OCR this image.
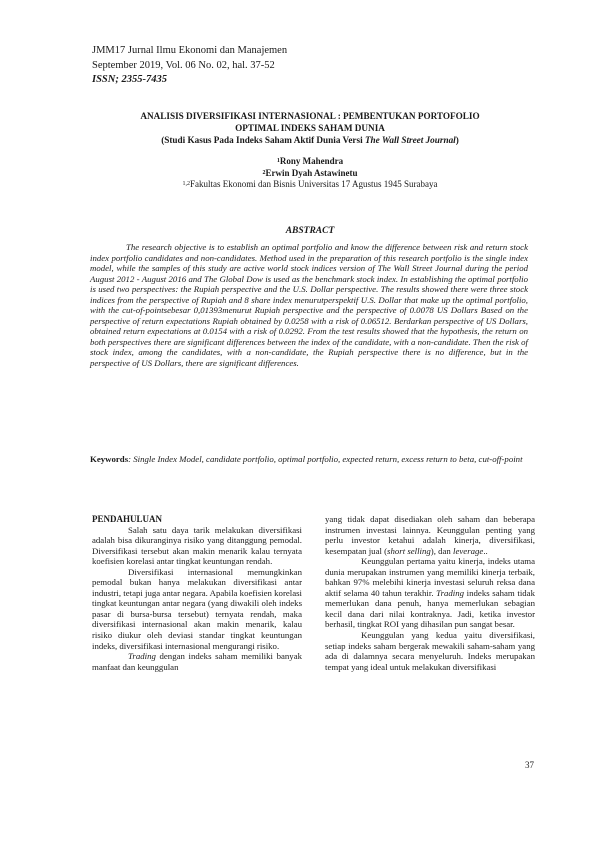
JMM17 Jurnal Ilmu Ekonomi dan Manajemen
September 2019, Vol. 06 No. 02, hal. 37-52
ISSN; 2355-7435

ANALISIS DIVERSIFIKASI INTERNASIONAL : PEMBENTUKAN PORTOFOLIO

OPTIMAL INDEKS SAHAM DUNIA

(Studi Kasus Pada Indeks Saham Aktif Dunia Versi The Wall Street Journal)

$^1$Rony Mahendra
$^2$Erwin Dyah Astawinetu
$^{1,2}$Fakultas Ekonomi dan Bisnis Universitas 17 Agustus 1945 Surabaya
ABSTRACT

The research objective is to establish an optimal portfolio and know the difference between risk and return stock index portfolio candidates and non-candidates. Method used in the preparation of this research portfolio is the single index model, while the samples of this study are active world stock indices version of The Wall Street Journal during the period August 2012 - August 2016 and The Global Dow is used as the benchmark stock index. In establishing the optimal portfolio is used two perspectives: the Rupiah perspective and the U.S. Dollar perspective. The results showed there were three stock indices from the perspective of Rupiah and 8 share index menurutperspektif U.S. Dollar that make up the optimal portfolio, with the cut-of-pointsebesar 0,01393menurut Rupiah perspective and the perspective of 0.0078 US Dollars Based on the perspective of return expectations Rupiah obtained by 0.0258 with a risk of 0.06512. Berdarkan perspective of US Dollars, obtained return expectations at 0.0154 with a risk of 0.0292. From the test results showed that the hypothesis, the return on both perspectives there are significant differences between the index of the candidate, with a non-candidate. Then the risk of stock index, among the candidates, with a non-candidate, the Rupiah perspective there is no difference, but in the perspective of US Dollars, there are significant differences.

Keywords: Single Index Model, candidate portfolio, optimal portfolio, expected return, excess return to beta, cut-off-point

PENDAHULUAN

Salah satu daya tarik melakukan diversifikasi adalah bisa dikuranginya risiko yang ditanggung pemodal. Diversifikasi tersebut akan makin menarik kalau ternyata koefisien korelasi antar tingkat keuntungan rendah.

Diversifikasi internasional memungkinkan pemodal bukan hanya melakukan diversifikasi antar industri, tetapi juga antar negara. Apabila koefisien korelasi tingkat keuntungan antar negara (yang diwakili oleh indeks pasar di bursa-bursa tersebut) ternyata rendah, maka diversifikasi internasional akan makin menarik, kalau risiko diukur oleh deviasi standar tingkat keuntungan indeks, diversifikasi internasional mengurangi risiko.

Trading dengan indeks saham memiliki banyak manfaat dan keunggulan

yang tidak dapat disediakan oleh saham dan beberapa instrumen investasi lainnya. Keunggulan penting yang perlu investor ketahui adalah kinerja, diversifikasi, kesempatan jual (short selling), dan leverage..

Keunggulan pertama yaitu kinerja, indeks utama dunia merupakan instrumen yang memiliki kinerja terbaik, bahkan 97% melebihi kinerja investasi seluruh reksa dana aktif selama 40 tahun terakhir. Trading indeks saham tidak memerlukan dana penuh, hanya memerlukan sebagian kecil dana dari nilai kontraknya. Jadi, ketika investor berhasil, tingkat ROI yang dihasilan pun sangat besar.

Keunggulan yang kedua yaitu diversifikasi, setiap indeks saham bergerak mewakili saham-saham yang ada di dalamnya secara menyeluruh. Indeks merupakan tempat yang ideal untuk melakukan diversifikasi

37
